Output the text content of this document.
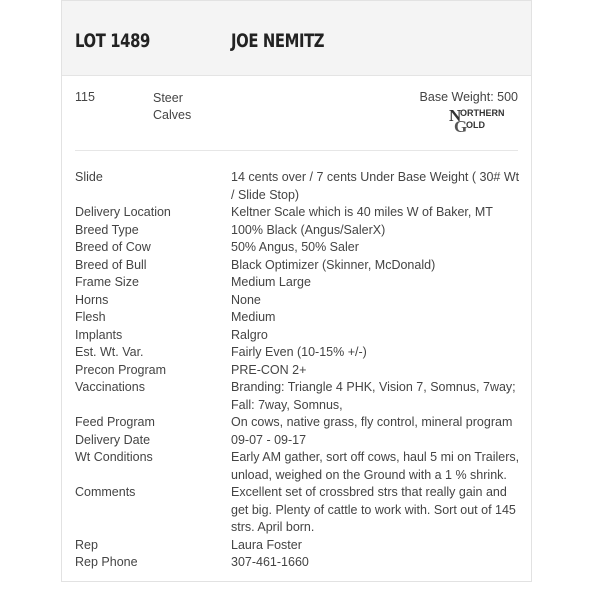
LOT 1489	JOE NEMITZ
115	Steer
Calves
Base Weight: 500
N
ORTHERN
G
OLD
Slide	14 cents over / 7 cents Under Base Weight ( 30# Wt / Slide Stop)
Delivery Location	Keltner Scale which is 40 miles W of Baker, MT
Breed Type	100% Black (Angus/SalerX)
Breed of Cow	50% Angus, 50% Saler
Breed of Bull	Black Optimizer (Skinner, McDonald)
Frame Size	Medium Large
Horns	None
Flesh	Medium
Implants	Ralgro
Est. Wt. Var.	Fairly Even (10-15% +/-)
Precon Program	PRE-CON 2+
Vaccinations	Branding: Triangle 4 PHK, Vision 7, Somnus, 7way; Fall: 7way, Somnus,
Feed Program	On cows, native grass, fly control, mineral program
Delivery Date	09-07 - 09-17
Wt Conditions	Early AM gather, sort off cows, haul 5 mi on Trailers, unload, weighed on the Ground with a 1 % shrink.
Comments	Excellent set of crossbred strs that really gain and get big. Plenty of cattle to work with. Sort out of 145 strs. April born.
Rep	Laura Foster
Rep Phone	307-461-1660
